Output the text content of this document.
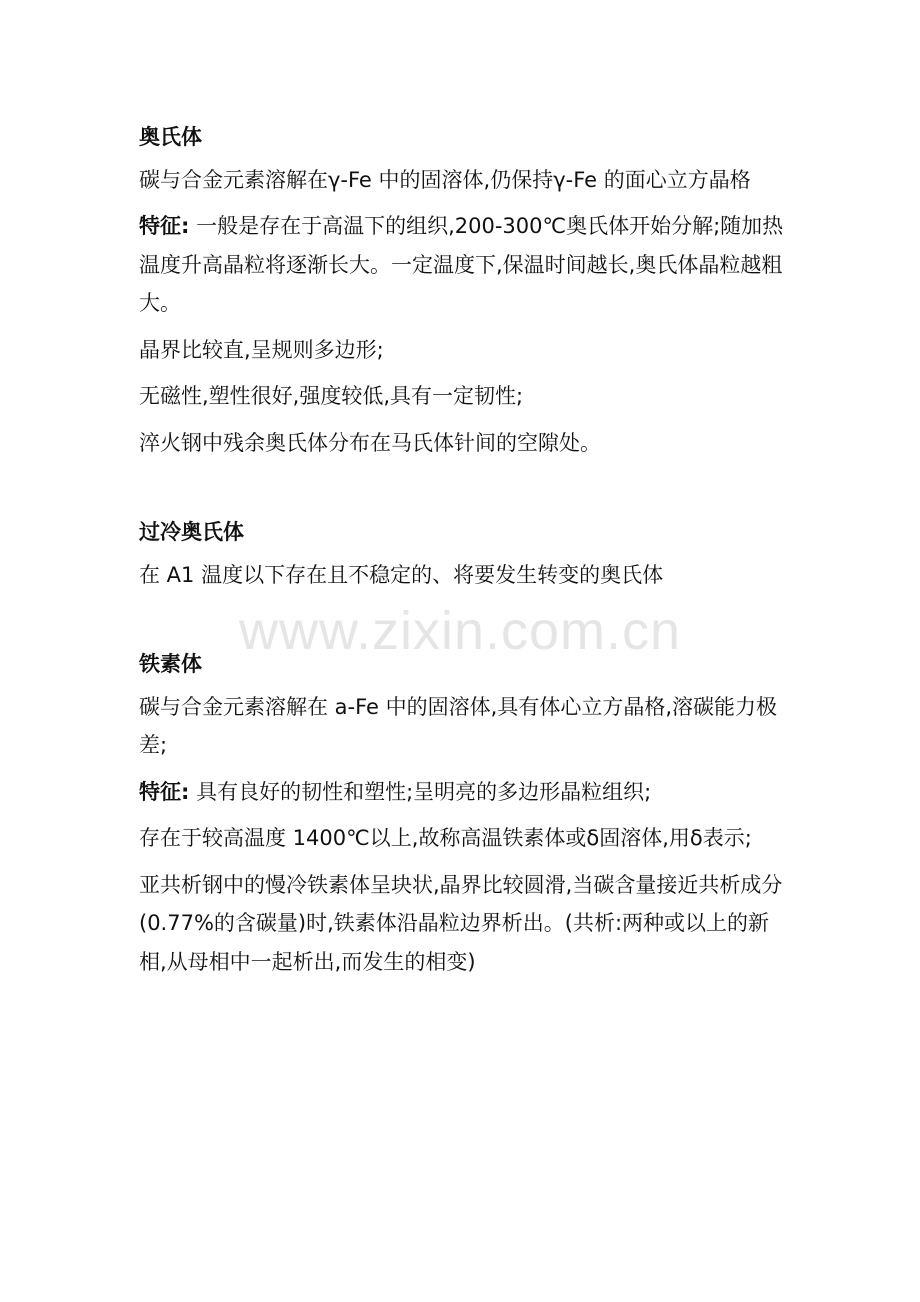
奥氏体

碳与合金元素溶解在γ-Fe 中的固溶体,仍保持γ-Fe 的面心立方晶格

特征: 一般是存在于高温下的组织,200-300℃奥氏体开始分解;随加热温度升高晶粒将逐渐长大。一定温度下,保温时间越长,奥氏体晶粒越粗大。

晶界比较直,呈规则多边形;

无磁性,塑性很好,强度较低,具有一定韧性;

淬火钢中残余奥氏体分布在马氏体针间的空隙处。

过冷奥氏体

在 A1 温度以下存在且不稳定的、将要发生转变的奥氏体

铁素体

碳与合金元素溶解在 a-Fe 中的固溶体,具有体心立方晶格,溶碳能力极差;

特征: 具有良好的韧性和塑性;呈明亮的多边形晶粒组织;

存在于较高温度 1400℃以上,故称高温铁素体或δ固溶体,用δ表示;

亚共析钢中的慢冷铁素体呈块状,晶界比较圆滑,当碳含量接近共析成分(0.77%的含碳量)时,铁素体沿晶粒边界析出。(共析:两种或以上的新相,从母相中一起析出,而发生的相变)

www.zixin.com.cn
